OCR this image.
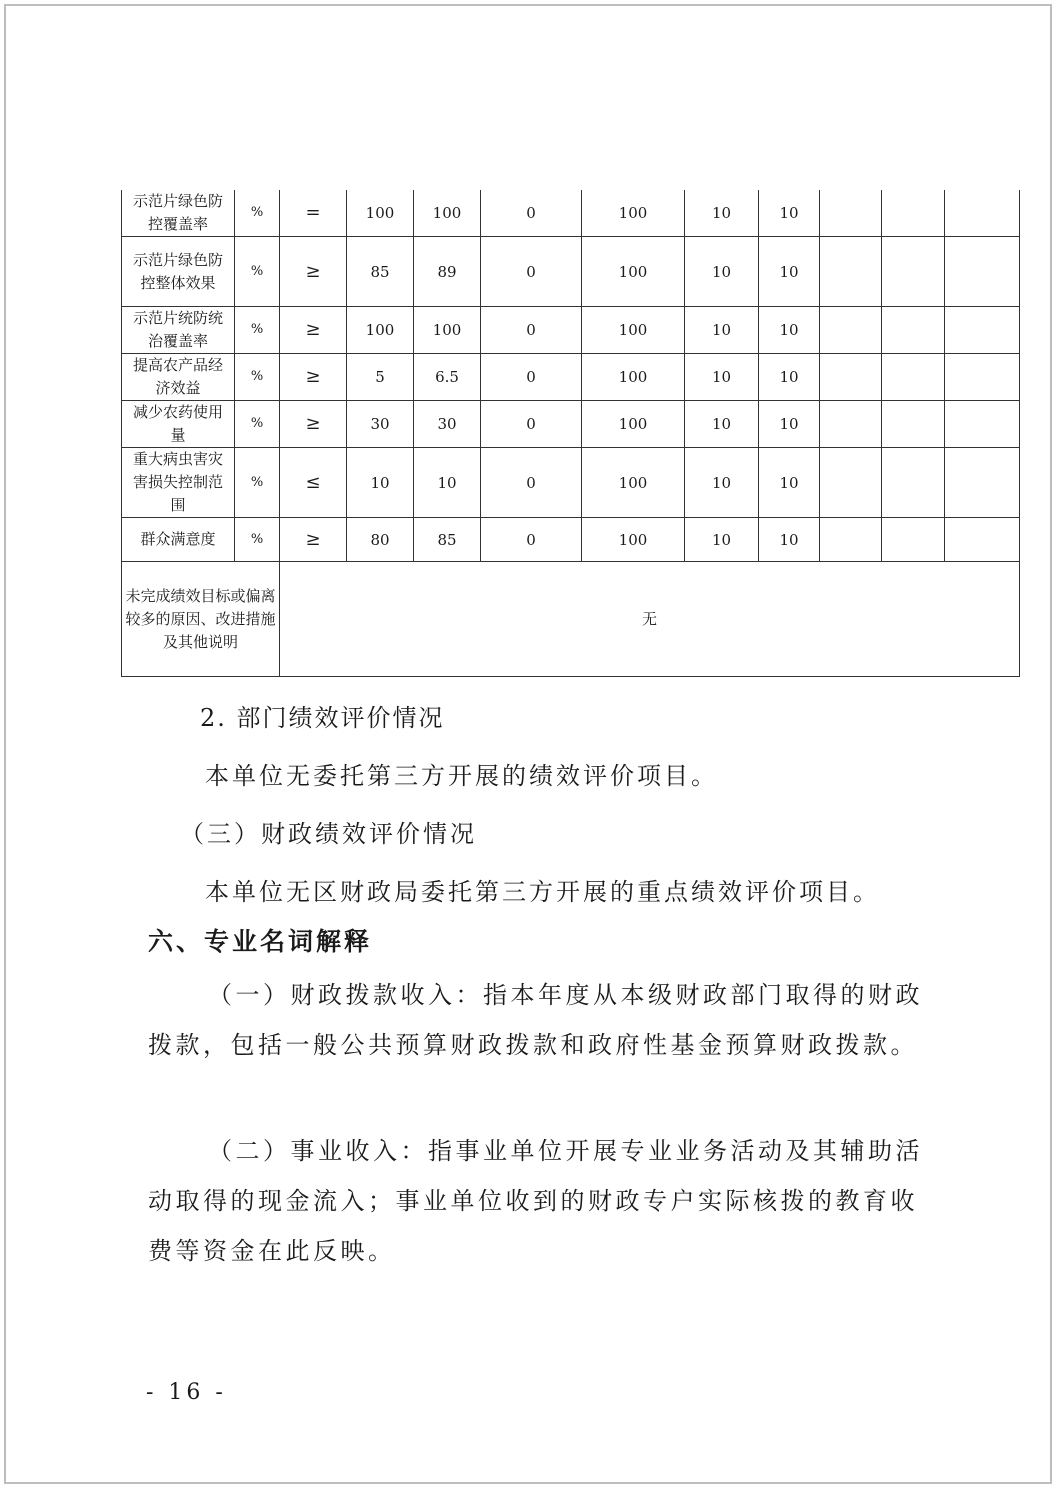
示范片绿色防控覆盖率	%	=	100	100	0	100	10	10			
示范片绿色防控整体效果	%	≥	85	89	0	100	10	10			
示范片统防统治覆盖率	%	≥	100	100	0	100	10	10			
提高农产品经济效益	%	≥	5	6.5	0	100	10	10			
减少农药使用量	%	≥	30	30	0	100	10	10			
重大病虫害灾害损失控制范围	%	≤	10	10	0	100	10	10			
群众满意度	%	≥	80	85	0	100	10	10			
未完成绩效目标或偏离较多的原因、改进措施及其他说明		无									
2. 部门绩效评价情况
本单位无委托第三方开展的绩效评价项目。
（三）财政绩效评价情况
本单位无区财政局委托第三方开展的重点绩效评价项目。
六、专业名词解释
（一）财政拨款收入：指本年度从本级财政部门取得的财政拨款，包括一般公共预算财政拨款和政府性基金预算财政拨款。
（二）事业收入：指事业单位开展专业业务活动及其辅助活动取得的现金流入；事业单位收到的财政专户实际核拨的教育收费等资金在此反映。
- 16 -
